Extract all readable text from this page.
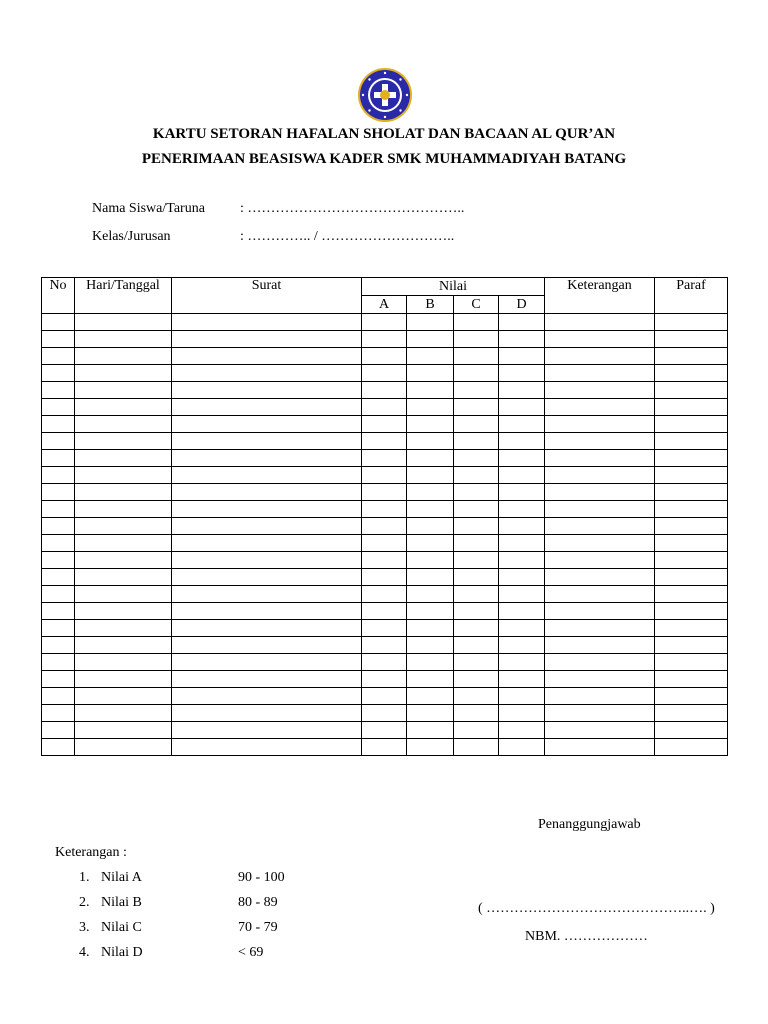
KARTU SETORAN HAFALAN SHOLAT DAN BACAAN AL QUR’AN
PENERIMAAN BEASISWA KADER SMK MUHAMMADIYAH BATANG
Nama Siswa/Taruna	: ………………………………………..
Kelas/Jurusan	: ………….. / ………………………..
No	Hari/Tanggal	Surat	Nilai				Keterangan	Paraf
			A	B	C	D		

Penanggungjawab
Keterangan :
1. Nilai A	90 - 100
2. Nilai B	80 - 89
3. Nilai C	70 - 79
4. Nilai D	< 69
( ……………………………………..…. )
NBM. ………………
